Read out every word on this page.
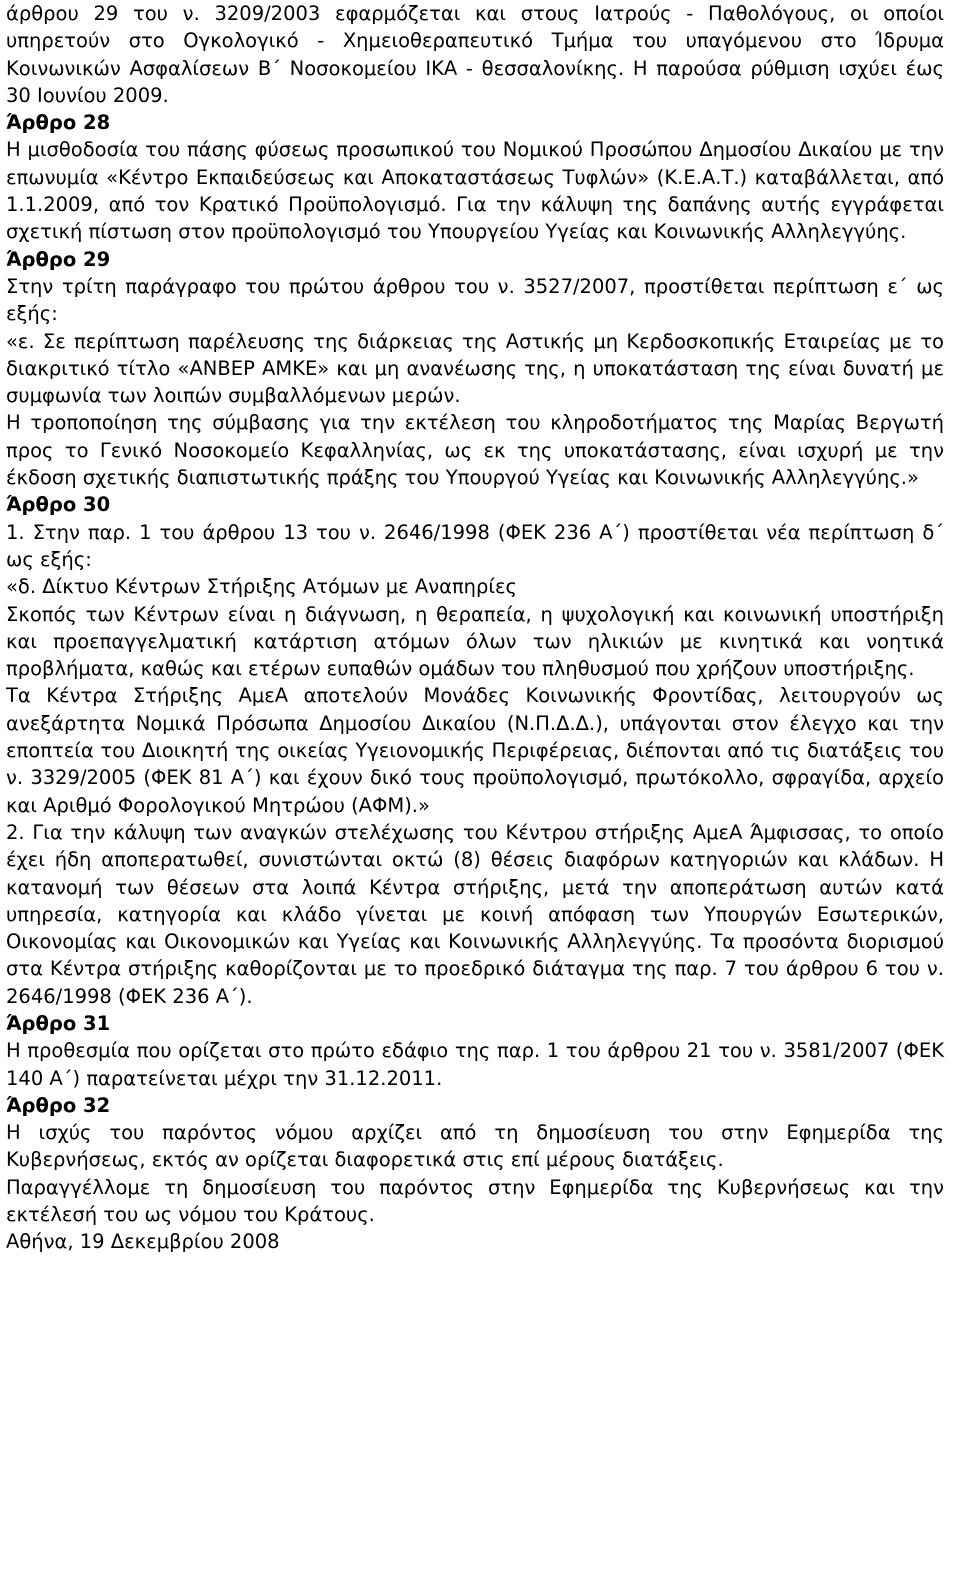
άρθρου 29 του ν. 3209/2003 εφαρμόζεται και στους Ιατρούς - Παθολόγους, οι οποίοι υπηρετούν στο Ογκολογικό - Χημειοθεραπευτικό Τμήμα του υπαγόμενου στο Ίδρυμα Κοινωνικών Ασφαλίσεων Β΄ Νοσοκομείου ΙΚΑ - θεσσαλονίκης. Η παρούσα ρύθμιση ισχύει έως 30 Ιουνίου 2009.

Άρθρο 28

Η μισθοδοσία του πάσης φύσεως προσωπικού του Νομικού Προσώπου Δημοσίου Δικαίου με την επωνυμία «Κέντρο Εκπαιδεύσεως και Αποκαταστάσεως Τυφλών» (Κ.Ε.Α.Τ.) καταβάλλεται, από 1.1.2009, από τον Κρατικό Προϋπολογισμό. Για την κάλυψη της δαπάνης αυτής εγγράφεται σχετική πίστωση στον προϋπολογισμό του Υπουργείου Υγείας και Κοινωνικής Αλληλεγγύης.

Άρθρο 29

Στην τρίτη παράγραφο του πρώτου άρθρου του ν. 3527/2007, προστίθεται περίπτωση ε΄ ως εξής:

«ε. Σε περίπτωση παρέλευσης της διάρκειας της Αστικής μη Κερδοσκοπικής Εταιρείας με το διακριτικό τίτλο «ΑΝΒΕΡ ΑΜΚΕ» και μη ανανέωσης της, η υποκατάσταση της είναι δυνατή με συμφωνία των λοιπών συμβαλλόμενων μερών.

Η τροποποίηση της σύμβασης για την εκτέλεση του κληροδοτήματος της Μαρίας Βεργωτή προς το Γενικό Νοσοκομείο Κεφαλληνίας, ως εκ της υποκατάστασης, είναι ισχυρή με την έκδοση σχετικής διαπιστωτικής πράξης του Υπουργού Υγείας και Κοινωνικής Αλληλεγγύης.»

Άρθρο 30

1. Στην παρ. 1 του άρθρου 13 του ν. 2646/1998 (ΦΕΚ 236 Α΄) προστίθεται νέα περίπτωση δ΄ ως εξής:

«δ. Δίκτυο Κέντρων Στήριξης Ατόμων με Αναπηρίες

Σκοπός των Κέντρων είναι η διάγνωση, η θεραπεία, η ψυχολογική και κοινωνική υποστήριξη και προεπαγγελματική κατάρτιση ατόμων όλων των ηλικιών με κινητικά και νοητικά προβλήματα, καθώς και ετέρων ευπαθών ομάδων του πληθυσμού που χρήζουν υποστήριξης.

Τα Κέντρα Στήριξης ΑμεΑ αποτελούν Μονάδες Κοινωνικής Φροντίδας, λειτουργούν ως ανεξάρτητα Νομικά Πρόσωπα Δημοσίου Δικαίου (Ν.Π.Δ.Δ.), υπάγονται στον έλεγχο και την εποπτεία του Διοικητή της οικείας Υγειονομικής Περιφέρειας, διέπονται από τις διατάξεις του ν. 3329/2005 (ΦΕΚ 81 Α΄) και έχουν δικό τους προϋπολογισμό, πρωτόκολλο, σφραγίδα, αρχείο και Αριθμό Φορολογικού Μητρώου (ΑΦΜ).»

2. Για την κάλυψη των αναγκών στελέχωσης του Κέντρου στήριξης ΑμεΑ Άμφισσας, το οποίο έχει ήδη αποπερατωθεί, συνιστώνται οκτώ (8) θέσεις διαφόρων κατηγοριών και κλάδων. Η κατανομή των θέσεων στα λοιπά Κέντρα στήριξης, μετά την αποπεράτωση αυτών κατά υπηρεσία, κατηγορία και κλάδο γίνεται με κοινή απόφαση των Υπουργών Εσωτερικών, Οικονομίας και Οικονομικών και Υγείας και Κοινωνικής Αλληλεγγύης. Τα προσόντα διορισμού στα Κέντρα στήριξης καθορίζονται με το προεδρικό διάταγμα της παρ. 7 του άρθρου 6 του ν. 2646/1998 (ΦΕΚ 236 Α΄).

Άρθρο 31

Η προθεσμία που ορίζεται στο πρώτο εδάφιο της παρ. 1 του άρθρου 21 του ν. 3581/2007 (ΦΕΚ 140 Α΄) παρατείνεται μέχρι την 31.12.2011.

Άρθρο 32

Η ισχύς του παρόντος νόμου αρχίζει από τη δημοσίευση του στην Εφημερίδα της Κυβερνήσεως, εκτός αν ορίζεται διαφορετικά στις επί μέρους διατάξεις.

Παραγγέλλομε τη δημοσίευση του παρόντος στην Εφημερίδα της Κυβερνήσεως και την εκτέλεσή του ως νόμου του Κράτους.

Αθήνα, 19 Δεκεμβρίου 2008
